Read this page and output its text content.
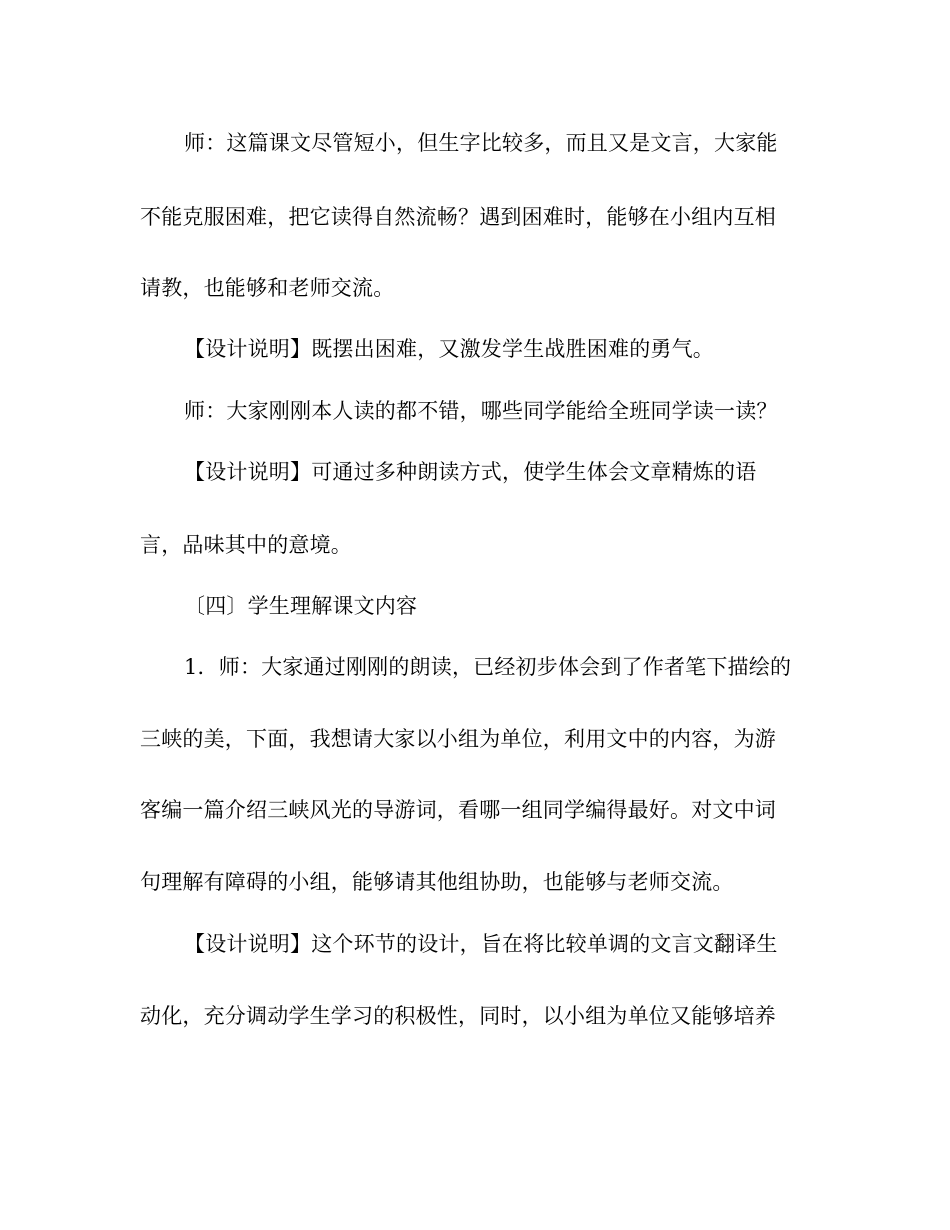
师：这篇课文尽管短小，但生字比较多，而且又是文言，大家能
不能克服困难，把它读得自然流畅？遇到困难时，能够在小组内互相
请教，也能够和老师交流。
【设计说明】既摆出困难，又激发学生战胜困难的勇气。
师：大家刚刚本人读的都不错，哪些同学能给全班同学读一读？
【设计说明】可通过多种朗读方式，使学生体会文章精炼的语
言，品味其中的意境。
〔四〕学生理解课文内容
1．师：大家通过刚刚的朗读，已经初步体会到了作者笔下描绘的
三峡的美，下面，我想请大家以小组为单位，利用文中的内容，为游
客编一篇介绍三峡风光的导游词，看哪一组同学编得最好。对文中词
句理解有障碍的小组，能够请其他组协助，也能够与老师交流。
【设计说明】这个环节的设计，旨在将比较单调的文言文翻译生
动化，充分调动学生学习的积极性，同时，以小组为单位又能够培养
